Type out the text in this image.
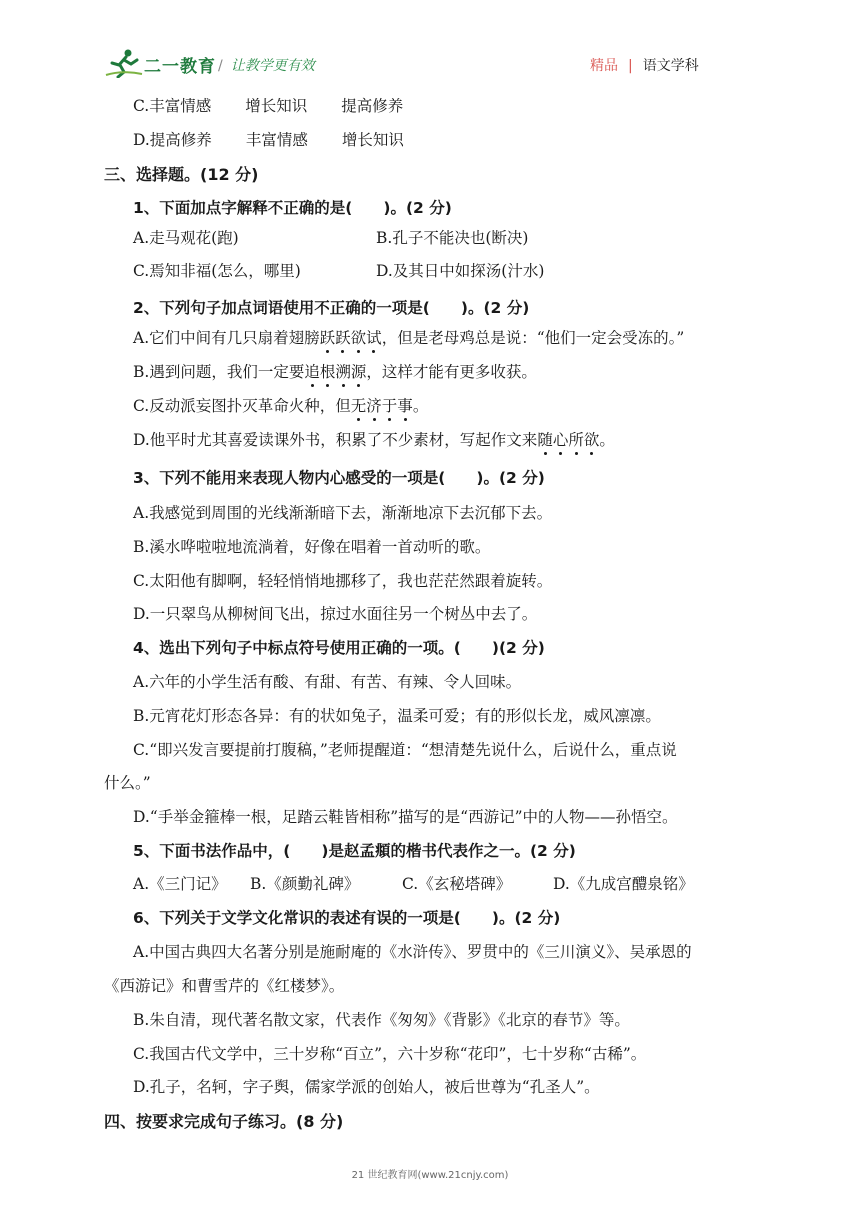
二一教育 / 让教学更有效	精品 | 语文学科
C.丰富情感 增长知识 提高修养
D.提高修养 丰富情感 增长知识
三、选择题。(12 分)
1、下面加点字解释不正确的是(　　)。(2 分)
A.走马观花(跑)	B.孔子不能决也(断决)
C.焉知非福(怎么，哪里)	D.及其日中如探汤(汁水)
2、下列句子加点词语使用不正确的一项是(　　)。(2 分)
A.它们中间有几只扇着翅膀跃跃欲试，但是老母鸡总是说：“他们一定会受冻的。”
B.遇到问题，我们一定要追根溯源，这样才能有更多收获。
C.反动派妄图扑灭革命火种，但无济于事。
D.他平时尤其喜爱读课外书，积累了不少素材，写起作文来随心所欲。
3、下列不能用来表现人物内心感受的一项是(　　)。(2 分)
A.我感觉到周围的光线渐渐暗下去，渐渐地凉下去沉郁下去。
B.溪水哗啦啦地流淌着，好像在唱着一首动听的歌。
C.太阳他有脚啊，轻轻悄悄地挪移了，我也茫茫然跟着旋转。
D.一只翠鸟从柳树间飞出，掠过水面往另一个树丛中去了。
4、选出下列句子中标点符号使用正确的一项。(　　)(2 分)
A.六年的小学生活有酸、有甜、有苦、有辣、令人回味。
B.元宵花灯形态各异：有的状如兔子，温柔可爱；有的形似长龙，威风凛凛。
C.“即兴发言要提前打腹稿，”老师提醒道：“想清楚先说什么，后说什么，重点说
什么。”
D.“手举金箍棒一根，足踏云鞋皆相称”描写的是“西游记”中的人物——孙悟空。
5、下面书法作品中，(　　)是赵孟頫的楷书代表作之一。(2 分)
A.《三门记》 B.《颜勤礼碑》	C.《玄秘塔碑》	D.《九成宫醴泉铭》
6、下列关于文学文化常识的表述有误的一项是(　　)。(2 分)
A.中国古典四大名著分别是施耐庵的《水浒传》、罗贯中的《三川演义》、吴承恩的
《西游记》和曹雪芹的《红楼梦》。
B.朱自清，现代著名散文家，代表作《匆匆》《背影》《北京的春节》等。
C.我国古代文学中，三十岁称“百立”，六十岁称“花印”，七十岁称“古稀”。
D.孔子，名轲，字子舆，儒家学派的创始人，被后世尊为“孔圣人”。
四、按要求完成句子练习。(8 分)
21 世纪教育网(www.21cnjy.com)
